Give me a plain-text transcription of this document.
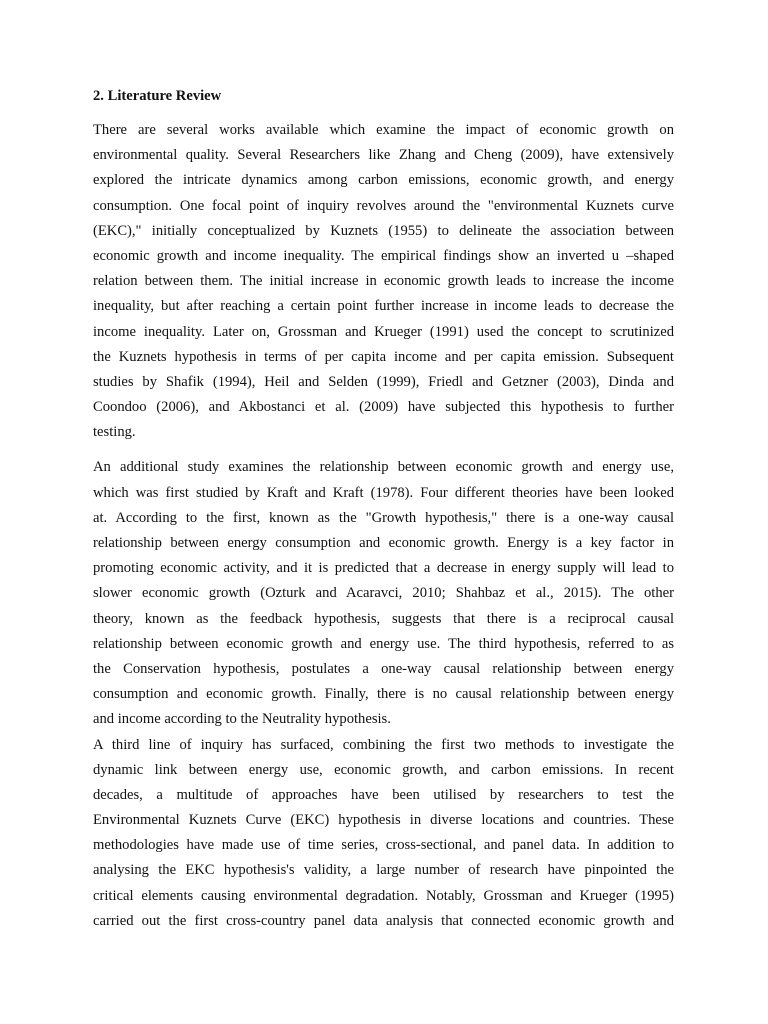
2. Literature Review
There are several works available which examine the impact of economic growth on
environmental quality. Several Researchers like Zhang and Cheng (2009), have extensively
explored the intricate dynamics among carbon emissions, economic growth, and energy
consumption. One focal point of inquiry revolves around the "environmental Kuznets curve
(EKC)," initially conceptualized by Kuznets (1955) to delineate the association between
economic growth and income inequality. The empirical findings show an inverted u –shaped
relation between them. The initial increase in economic growth leads to increase the income
inequality, but after reaching a certain point further increase in income leads to decrease the
income inequality. Later on, Grossman and Krueger (1991) used the concept to scrutinized
the Kuznets hypothesis in terms of per capita income and per capita emission. Subsequent
studies by Shafik (1994), Heil and Selden (1999), Friedl and Getzner (2003), Dinda and
Coondoo (2006), and Akbostanci et al. (2009) have subjected this hypothesis to further
testing.
An additional study examines the relationship between economic growth and energy use,
which was first studied by Kraft and Kraft (1978). Four different theories have been looked
at. According to the first, known as the "Growth hypothesis," there is a one-way causal
relationship between energy consumption and economic growth. Energy is a key factor in
promoting economic activity, and it is predicted that a decrease in energy supply will lead to
slower economic growth (Ozturk and Acaravci, 2010; Shahbaz et al., 2015). The other
theory, known as the feedback hypothesis, suggests that there is a reciprocal causal
relationship between economic growth and energy use. The third hypothesis, referred to as
the Conservation hypothesis, postulates a one-way causal relationship between energy
consumption and economic growth. Finally, there is no causal relationship between energy
and income according to the Neutrality hypothesis.
A third line of inquiry has surfaced, combining the first two methods to investigate the
dynamic link between energy use, economic growth, and carbon emissions. In recent
decades, a multitude of approaches have been utilised by researchers to test the
Environmental Kuznets Curve (EKC) hypothesis in diverse locations and countries. These
methodologies have made use of time series, cross-sectional, and panel data. In addition to
analysing the EKC hypothesis's validity, a large number of research have pinpointed the
critical elements causing environmental degradation. Notably, Grossman and Krueger (1995)
carried out the first cross-country panel data analysis that connected economic growth and
